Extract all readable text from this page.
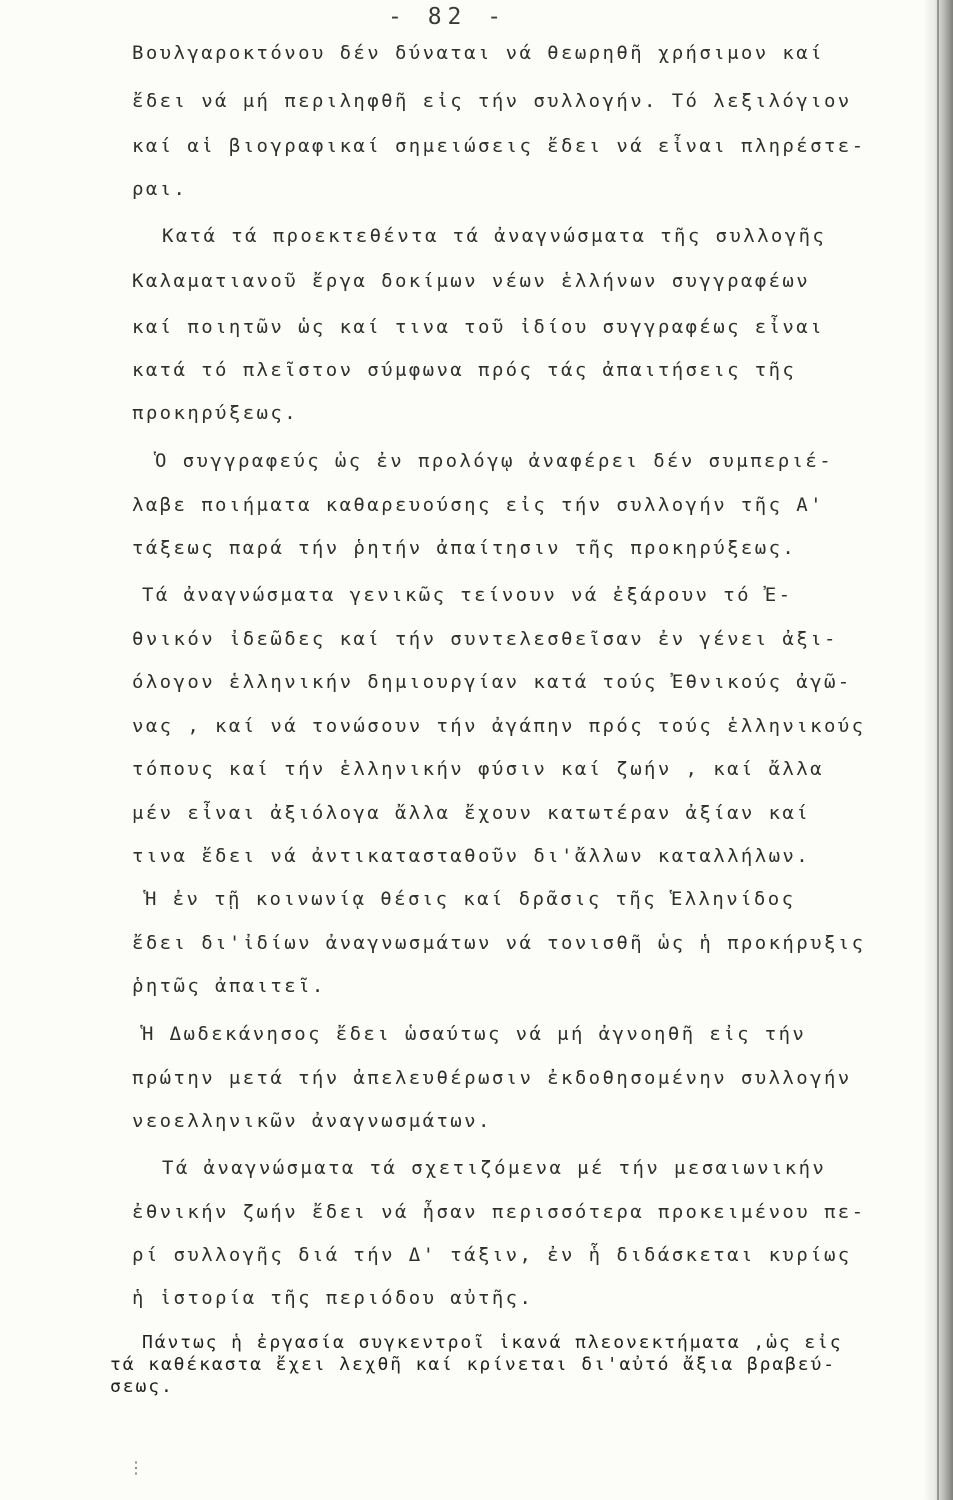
- 82 -
Βουλγαροκτόνου δέν δύναται νά θεωρηθῆ χρήσιμον καί
ἔδει νά μή περιληφθῆ εἰς τήν συλλογήν. Τό λεξιλόγιον
καί αἱ βιογραφικαί σημειώσεις ἔδει νά εἶναι πληρέστε-
ραι.
Κατά τά προεκτεθέντα τά ἀναγνώσματα τῆς συλλογῆς
Καλαματιανοῦ ἔργα δοκίμων νέων ἑλλήνων συγγραφέων
καί ποιητῶν ὡς καί τινα τοῦ ἰδίου συγγραφέως εἶναι
κατά τό πλεῖστον σύμφωνα πρός τάς ἀπαιτήσεις τῆς
προκηρύξεως.
Ὁ συγγραφεύς ὡς ἐν προλόγῳ ἀναφέρει δέν συμπεριέ-
λαβε ποιήματα καθαρευούσης εἰς τήν συλλογήν τῆς Α'
τάξεως παρά τήν ῥητήν ἀπαίτησιν τῆς προκηρύξεως.
Τά ἀναγνώσματα γενικῶς τείνουν νά ἐξάρουν τό Ἐ-
θνικόν ἰδεῶδες καί τήν συντελεσθεῖσαν ἐν γένει ἀξι-
όλογον ἑλληνικήν δημιουργίαν κατά τούς Ἐθνικούς ἀγῶ-
νας , καί νά τονώσουν τήν ἀγάπην πρός τούς ἑλληνικούς
τόπους καί τήν ἑλληνικήν φύσιν καί ζωήν , καί ἄλλα
μέν εἶναι ἀξιόλογα ἄλλα ἔχουν κατωτέραν ἀξίαν καί
τινα ἔδει νά ἀντικατασταθοῦν δι'ἄλλων καταλλήλων.
Ἡ ἐν τῇ κοινωνίᾳ θέσις καί δρᾶσις τῆς Ἑλληνίδος
ἔδει δι'ἰδίων ἀναγνωσμάτων νά τονισθῆ ὡς ἡ προκήρυξις
ῥητῶς ἀπαιτεῖ.
Ἡ Δωδεκάνησος ἔδει ὡσαύτως νά μή ἀγνοηθῆ εἰς τήν
πρώτην μετά τήν ἀπελευθέρωσιν ἐκδοθησομένην συλλογήν
νεοελληνικῶν ἀναγνωσμάτων.
Τά ἀναγνώσματα τά σχετιζόμενα μέ τήν μεσαιωνικήν
ἐθνικήν ζωήν ἔδει νά ἦσαν περισσότερα προκειμένου πε-
ρί συλλογῆς διά τήν Δ' τάξιν, ἐν ἧ διδάσκεται κυρίως
ἡ ἱστορία τῆς περιόδου αὐτῆς.
Πάντως ἡ ἐργασία συγκεντροῖ ἱκανά πλεονεκτήματα ,ὡς εἰς
τά καθέκαστα ἔχει λεχθῆ καί κρίνεται δι'αὐτό ἄξια βραβεύ-
σεως.
⋮
